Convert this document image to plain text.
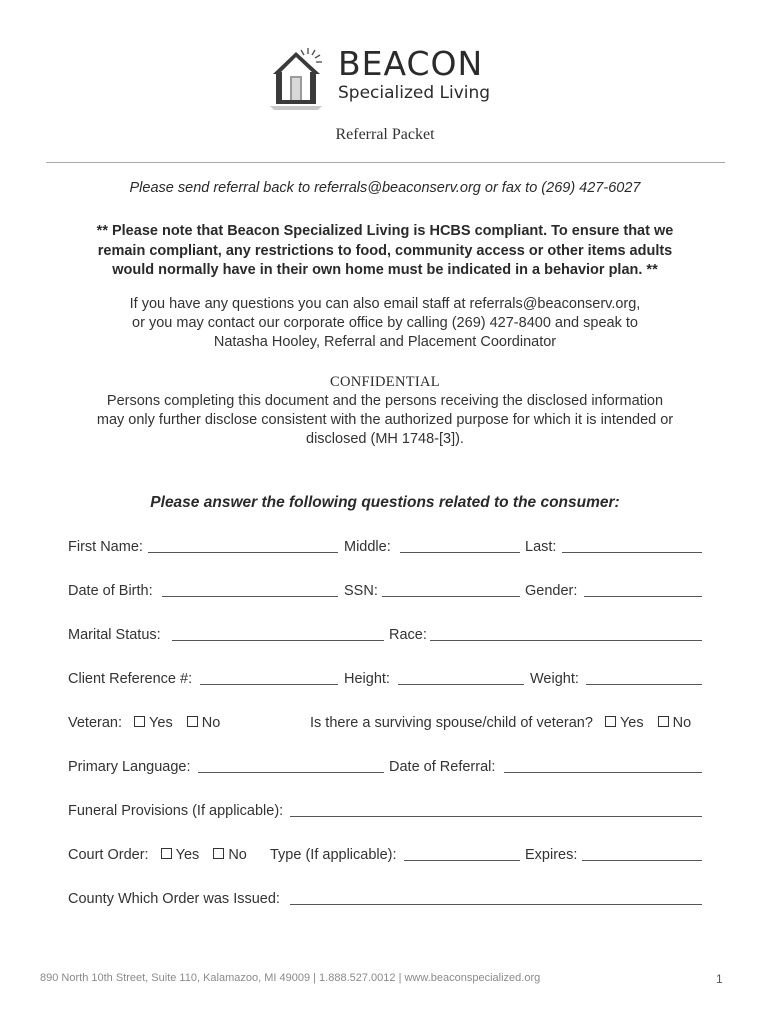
BEACON
Specialized Living
Referral Packet
Please send referral back to referrals@beaconserv.org or fax to (269) 427-6027

** Please note that Beacon Specialized Living is HCBS compliant. To ensure that we

remain compliant, any restrictions to food, community access or other items adults

would normally have in their own home must be indicated in a behavior plan. **

If you have any questions you can also email staff at referrals@beaconserv.org,

or you may contact our corporate office by calling (269) 427-8400 and speak to

Natasha Hooley, Referral and Placement Coordinator

CONFIDENTIAL

Persons completing this document and the persons receiving the disclosed information

may only further disclose consistent with the authorized purpose for which it is intended or

disclosed (MH 1748-[3]).

Please answer the following questions related to the consumer:
First Name:	Middle:	Last:
Date of Birth:	SSN:	Gender:
Marital Status:	Race:
Client Reference #:	Height:	Weight:
Veteran: Yes No	Is there a surviving spouse/child of veteran? Yes No
Primary Language:	Date of Referral:
Funeral Provisions (If applicable):
Court Order: Yes No Type (If applicable):	Expires:
County Which Order was Issued:
890 North 10th Street, Suite 110, Kalamazoo, MI 49009 | 1.888.527.0012 | www.beaconspecialized.org	1
